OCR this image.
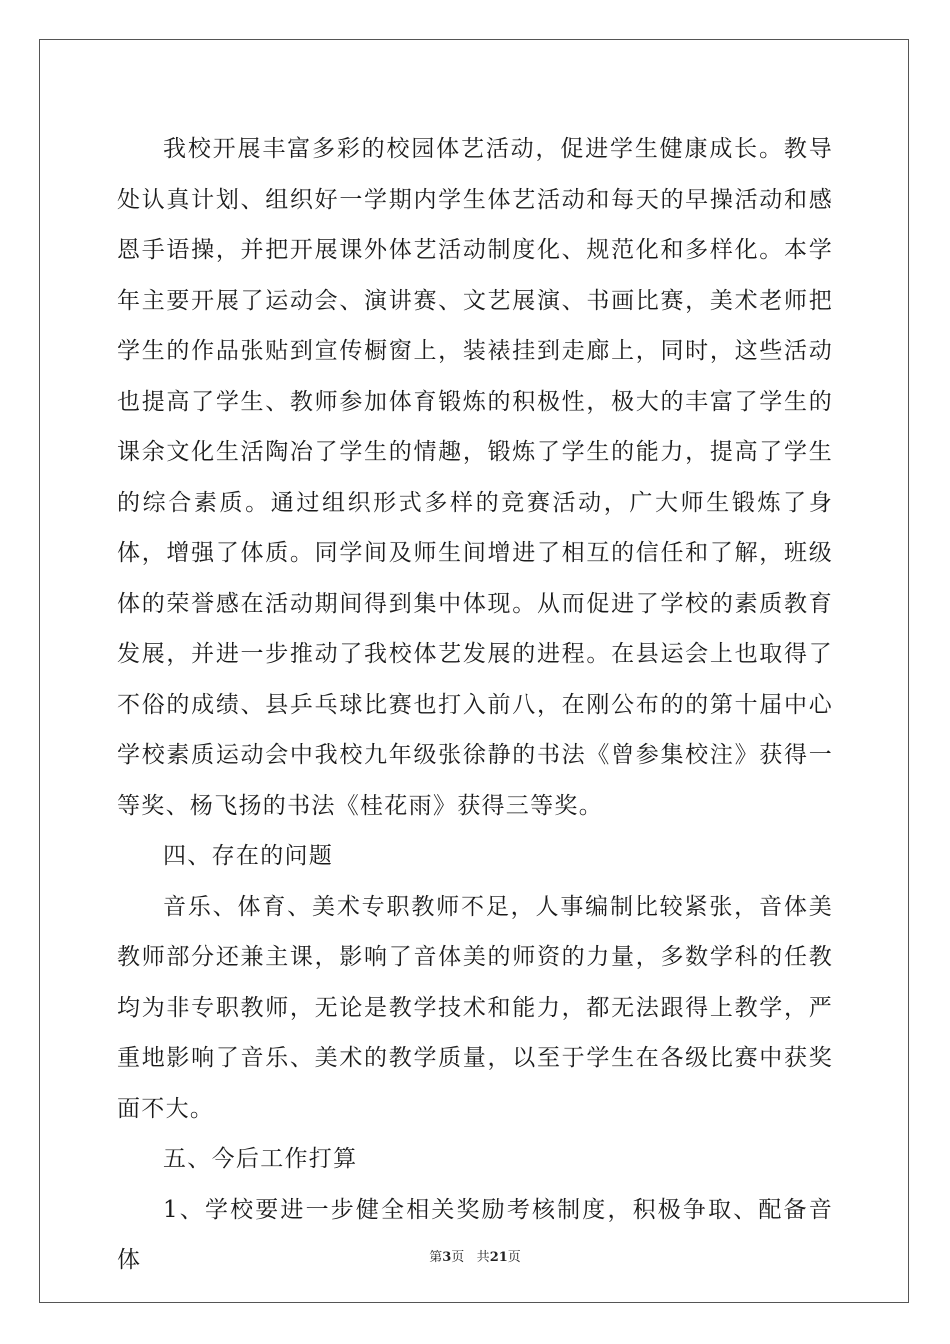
我校开展丰富多彩的校园体艺活动，促进学生健康成长。教导处认真计划、组织好一学期内学生体艺活动和每天的早操活动和感恩手语操，并把开展课外体艺活动制度化、规范化和多样化。本学年主要开展了运动会、演讲赛、文艺展演、书画比赛，美术老师把学生的作品张贴到宣传橱窗上，装裱挂到走廊上，同时，这些活动也提高了学生、教师参加体育锻炼的积极性，极大的丰富了学生的课余文化生活陶冶了学生的情趣，锻炼了学生的能力，提高了学生的综合素质。通过组织形式多样的竞赛活动，广大师生锻炼了身体，增强了体质。同学间及师生间增进了相互的信任和了解，班级体的荣誉感在活动期间得到集中体现。从而促进了学校的素质教育发展，并进一步推动了我校体艺发展的进程。在县运会上也取得了不俗的成绩、县乒乓球比赛也打入前八，在刚公布的的第十届中心学校素质运动会中我校九年级张徐静的书法《曾参集校注》获得一等奖、杨飞扬的书法《桂花雨》获得三等奖。

四、存在的问题

音乐、体育、美术专职教师不足，人事编制比较紧张，音体美教师部分还兼主课，影响了音体美的师资的力量，多数学科的任教均为非专职教师，无论是教学技术和能力，都无法跟得上教学，严重地影响了音乐、美术的教学质量，以至于学生在各级比赛中获奖面不大。

五、今后工作打算

1、学校要进一步健全相关奖励考核制度，积极争取、配备音体	第3页 共21页
